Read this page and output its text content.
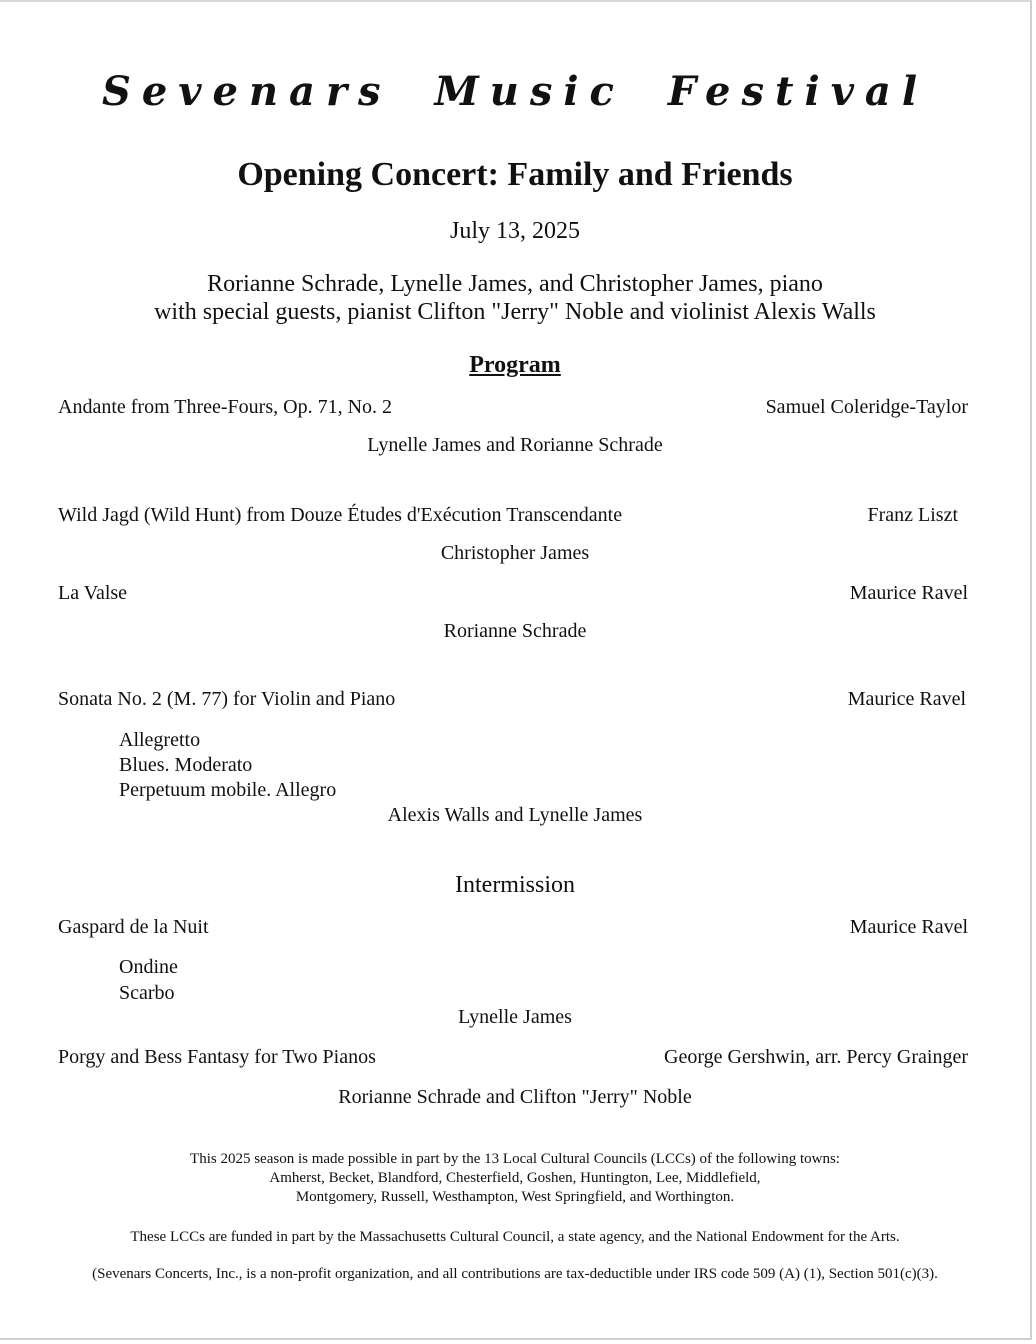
Sevenars Music Festival
Opening Concert: Family and Friends
July 13, 2025
Rorianne Schrade, Lynelle James, and Christopher James, piano
with special guests, pianist Clifton "Jerry" Noble and violinist Alexis Walls
Program
Andante from Three-Fours, Op. 71, No. 2	Samuel Coleridge-Taylor
Lynelle James and Rorianne Schrade
Wild Jagd (Wild Hunt) from Douze Études d'Exécution Transcendante	Franz Liszt
Christopher James
La Valse	Maurice Ravel
Rorianne Schrade
Sonata No. 2 (M. 77) for Violin and Piano	Maurice Ravel
Allegretto
Blues. Moderato
Perpetuum mobile. Allegro
Alexis Walls and Lynelle James
Intermission
Gaspard de la Nuit	Maurice Ravel
Ondine
Scarbo
Lynelle James
Porgy and Bess Fantasy for Two Pianos	George Gershwin, arr. Percy Grainger
Rorianne Schrade and Clifton "Jerry" Noble
This 2025 season is made possible in part by the 13 Local Cultural Councils (LCCs) of the following towns:
Amherst, Becket, Blandford, Chesterfield, Goshen, Huntington, Lee, Middlefield,
Montgomery, Russell, Westhampton, West Springfield, and Worthington.
These LCCs are funded in part by the Massachusetts Cultural Council, a state agency, and the National Endowment for the Arts.
(Sevenars Concerts, Inc., is a non-profit organization, and all contributions are tax-deductible under IRS code 509 (A) (1), Section 501(c)(3).
